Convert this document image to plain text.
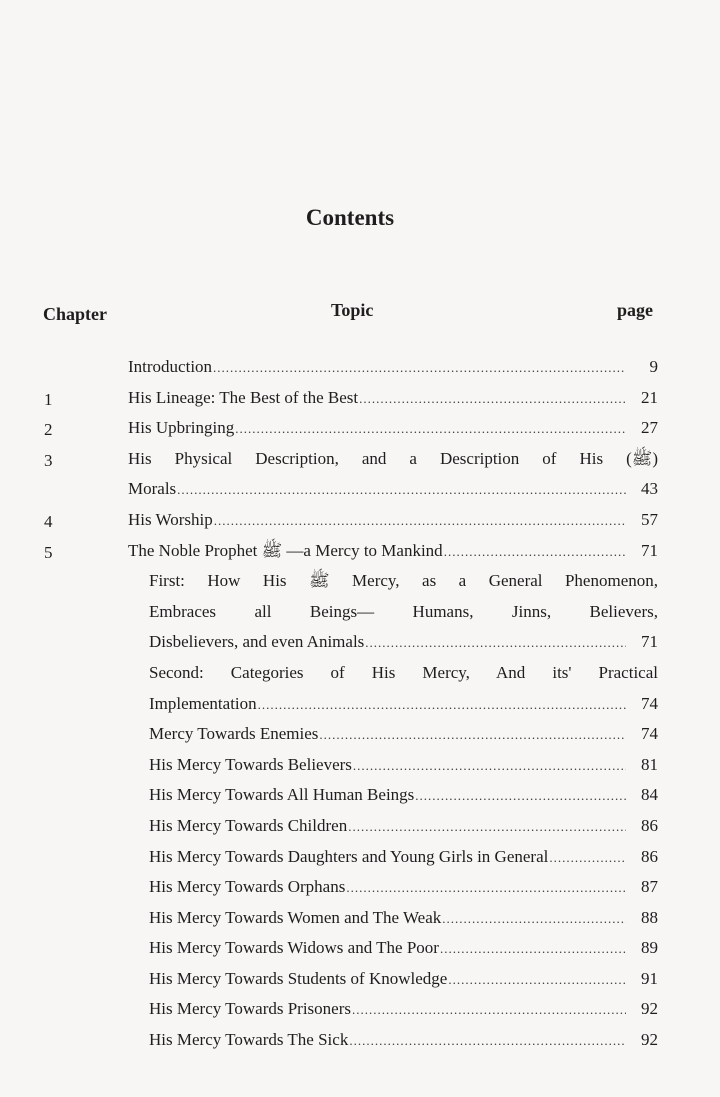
Contents
Chapter	Topic	page
Introduction .....	9
1	His Lineage: The Best of the Best .....	21
2	His Upbringing .....	27
3	His Physical Description, and a Description of His (ﷺ)
Morals .....	43
4	His Worship .....	57
5	The Noble Prophet ﷺ —a Mercy to Mankind .....	71
First: How His ﷺ Mercy, as a General Phenomenon,
Embraces all Beings— Humans, Jinns, Believers,
Disbelievers, and even Animals .....	71
Second: Categories of His Mercy, And its' Practical
Implementation .....	74
Mercy Towards Enemies .....	74
His Mercy Towards Believers .....	81
His Mercy Towards All Human Beings .....	84
His Mercy Towards Children .....	86
His Mercy Towards Daughters and Young Girls in General .....	86
His Mercy Towards Orphans .....	87
His Mercy Towards Women and The Weak .....	88
His Mercy Towards Widows and The Poor .....	89
His Mercy Towards Students of Knowledge .....	91
His Mercy Towards Prisoners .....	92
His Mercy Towards The Sick .....	92
